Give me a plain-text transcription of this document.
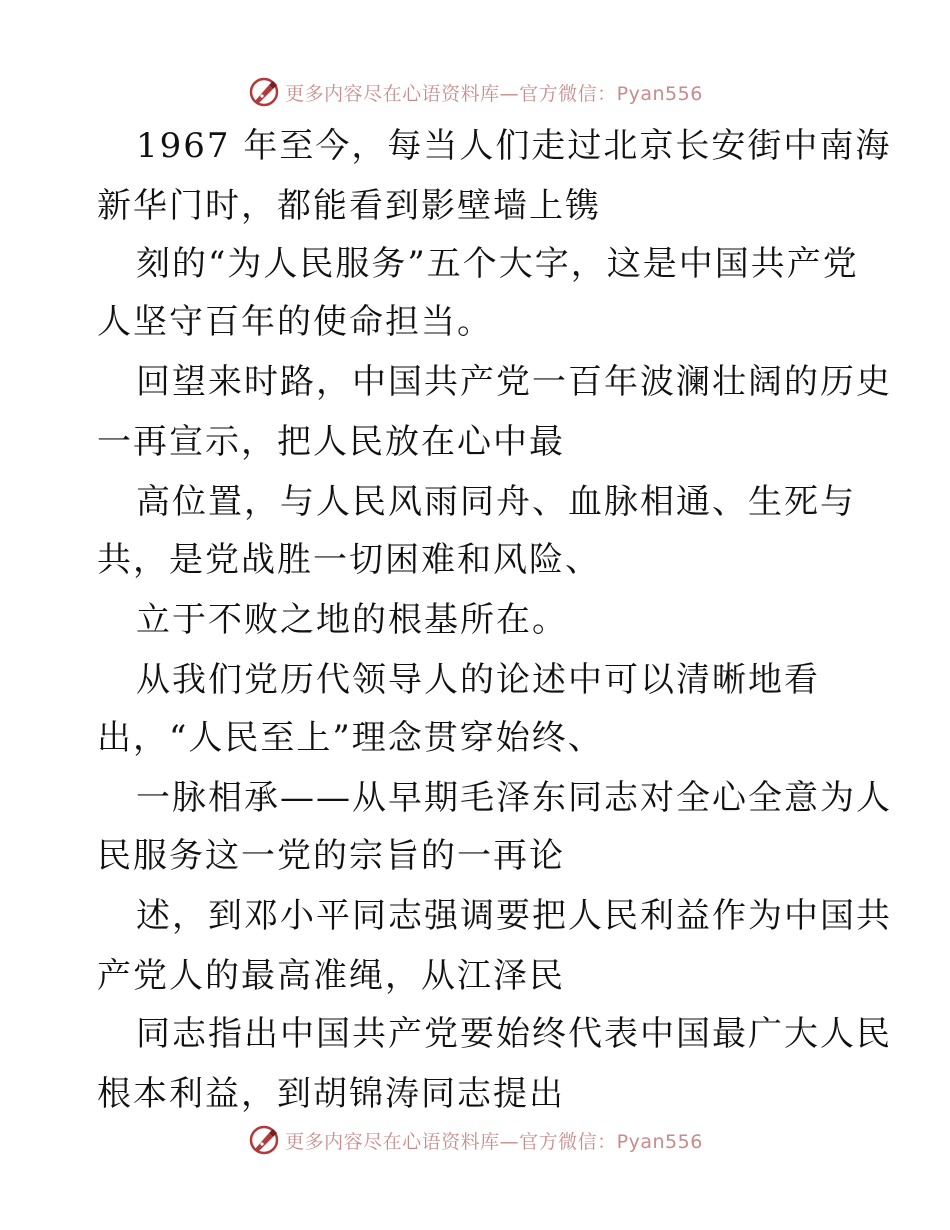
更多内容尽在心语资料库—官方微信：Pyan556
1967 年至今，每当人们走过北京长安街中南海
新华门时，都能看到影壁墙上镌
刻的“为人民服务”五个大字，这是中国共产党
人坚守百年的使命担当。
回望来时路，中国共产党一百年波澜壮阔的历史
一再宣示，把人民放在心中最
高位置，与人民风雨同舟、血脉相通、生死与
共，是党战胜一切困难和风险、
立于不败之地的根基所在。
从我们党历代领导人的论述中可以清晰地看
出，“人民至上”理念贯穿始终、
一脉相承——从早期毛泽东同志对全心全意为人
民服务这一党的宗旨的一再论
述，到邓小平同志强调要把人民利益作为中国共
产党人的最高准绳，从江泽民
同志指出中国共产党要始终代表中国最广大人民
根本利益，到胡锦涛同志提出
更多内容尽在心语资料库—官方微信：Pyan556
